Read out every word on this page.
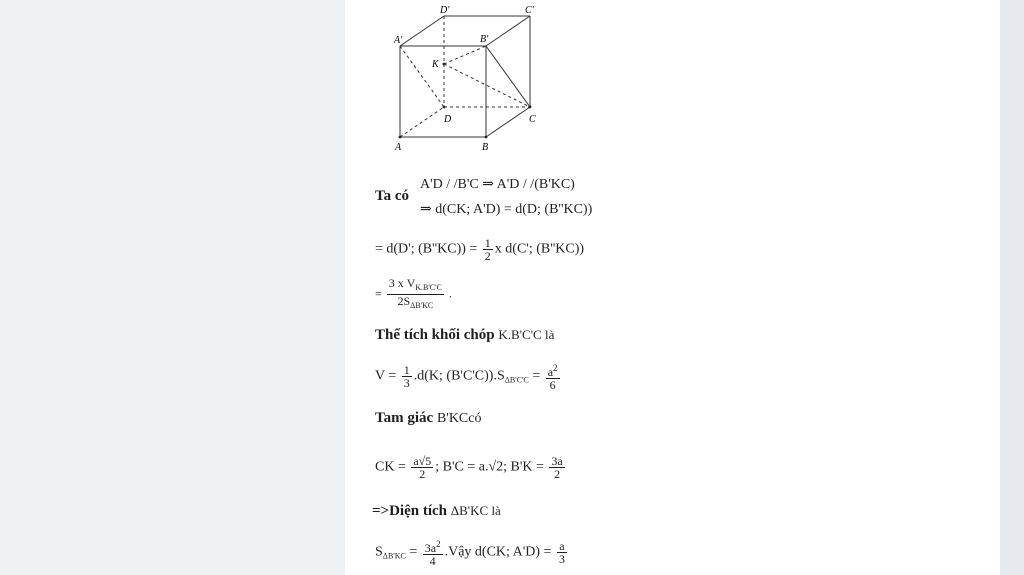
A'
D'	C'
B'
K
D	C
A	B
Ta có
A'D / /B'C ⇒ A'D / /(B'KC)
⇒ d(CK; A'D) = d(D; (B''KC))
= d(D'; $(B''KC)) = \frac{1}{2}$ x d(C'; (B''KC))
= $\frac{3 x V_{K.B'C'C}}{2S_{\Delta B'KC}}$ .
Thể tích khối chóp K.B'C'C là
$V = \frac{1}{3} .d(K$; $(B'C'C)).S_{\Delta B'C'C} = \frac{a^2}{6}$
Tam giác B'KCcó
CK = $\frac{a√5}{2}$ ; B'C = a.√2; $B'K = \frac{3a}{2}$
=>Diện tích ΔB'KC là
$S_{\Delta B'KC} = \frac{3a^2}{4}$ .Vậy d(CK; $A'D) = \frac{a}{3}$
